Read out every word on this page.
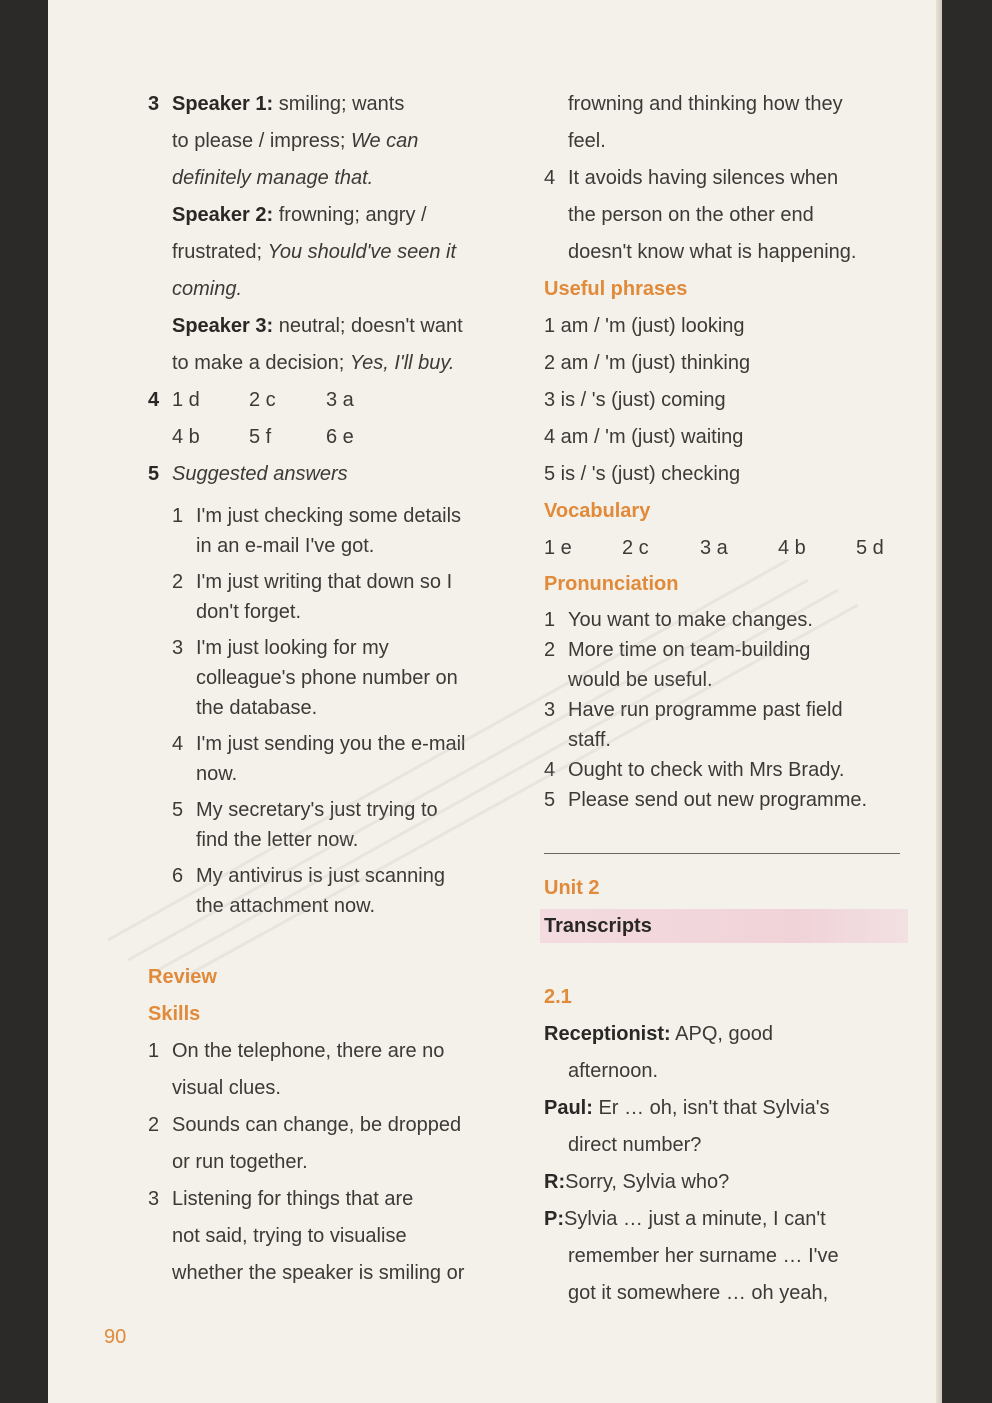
3 Speaker 1: smiling; wants
to please / impress; We can
definitely manage that.
Speaker 2: frowning; angry /
frustrated; You should've seen it
coming.
Speaker 3: neutral; doesn't want
to make a decision; Yes, I'll buy.
4 1 d 2 c	3 a
4 b 5 f	6 e
5 Suggested answers
1 I'm just checking some details
in an e-mail I've got.
2 I'm just writing that down so I
don't forget.
3 I'm just looking for my
colleague's phone number on
the database.
4 I'm just sending you the e-mail
now.
5 My secretary's just trying to
find the letter now.
6 My antivirus is just scanning
the attachment now.
Review
Skills
1 On the telephone, there are no
visual clues.
2 Sounds can change, be dropped
or run together.
3 Listening for things that are
not said, trying to visualise
whether the speaker is smiling or
frowning and thinking how they
feel.
4 It avoids having silences when
the person on the other end
doesn't know what is happening.
Useful phrases
1 am / 'm (just) looking
2 am / 'm (just) thinking
3 is / 's (just) coming
4 am / 'm (just) waiting
5 is / 's (just) checking
Vocabulary
1 e	2 c	3 a	4 b	5 d
Pronunciation
1 You want to make changes.
2 More time on team-building
would be useful.
3 Have run programme past field
staff.
4 Ought to check with Mrs Brady.
5 Please send out new programme.
Unit 2
Transcripts
2.1
Receptionist: APQ, good
afternoon.
Paul: Er … oh, isn't that Sylvia's
direct number?
R:Sorry, Sylvia who?
P:Sylvia … just a minute, I can't
remember her surname … I've
got it somewhere … oh yeah,
90
